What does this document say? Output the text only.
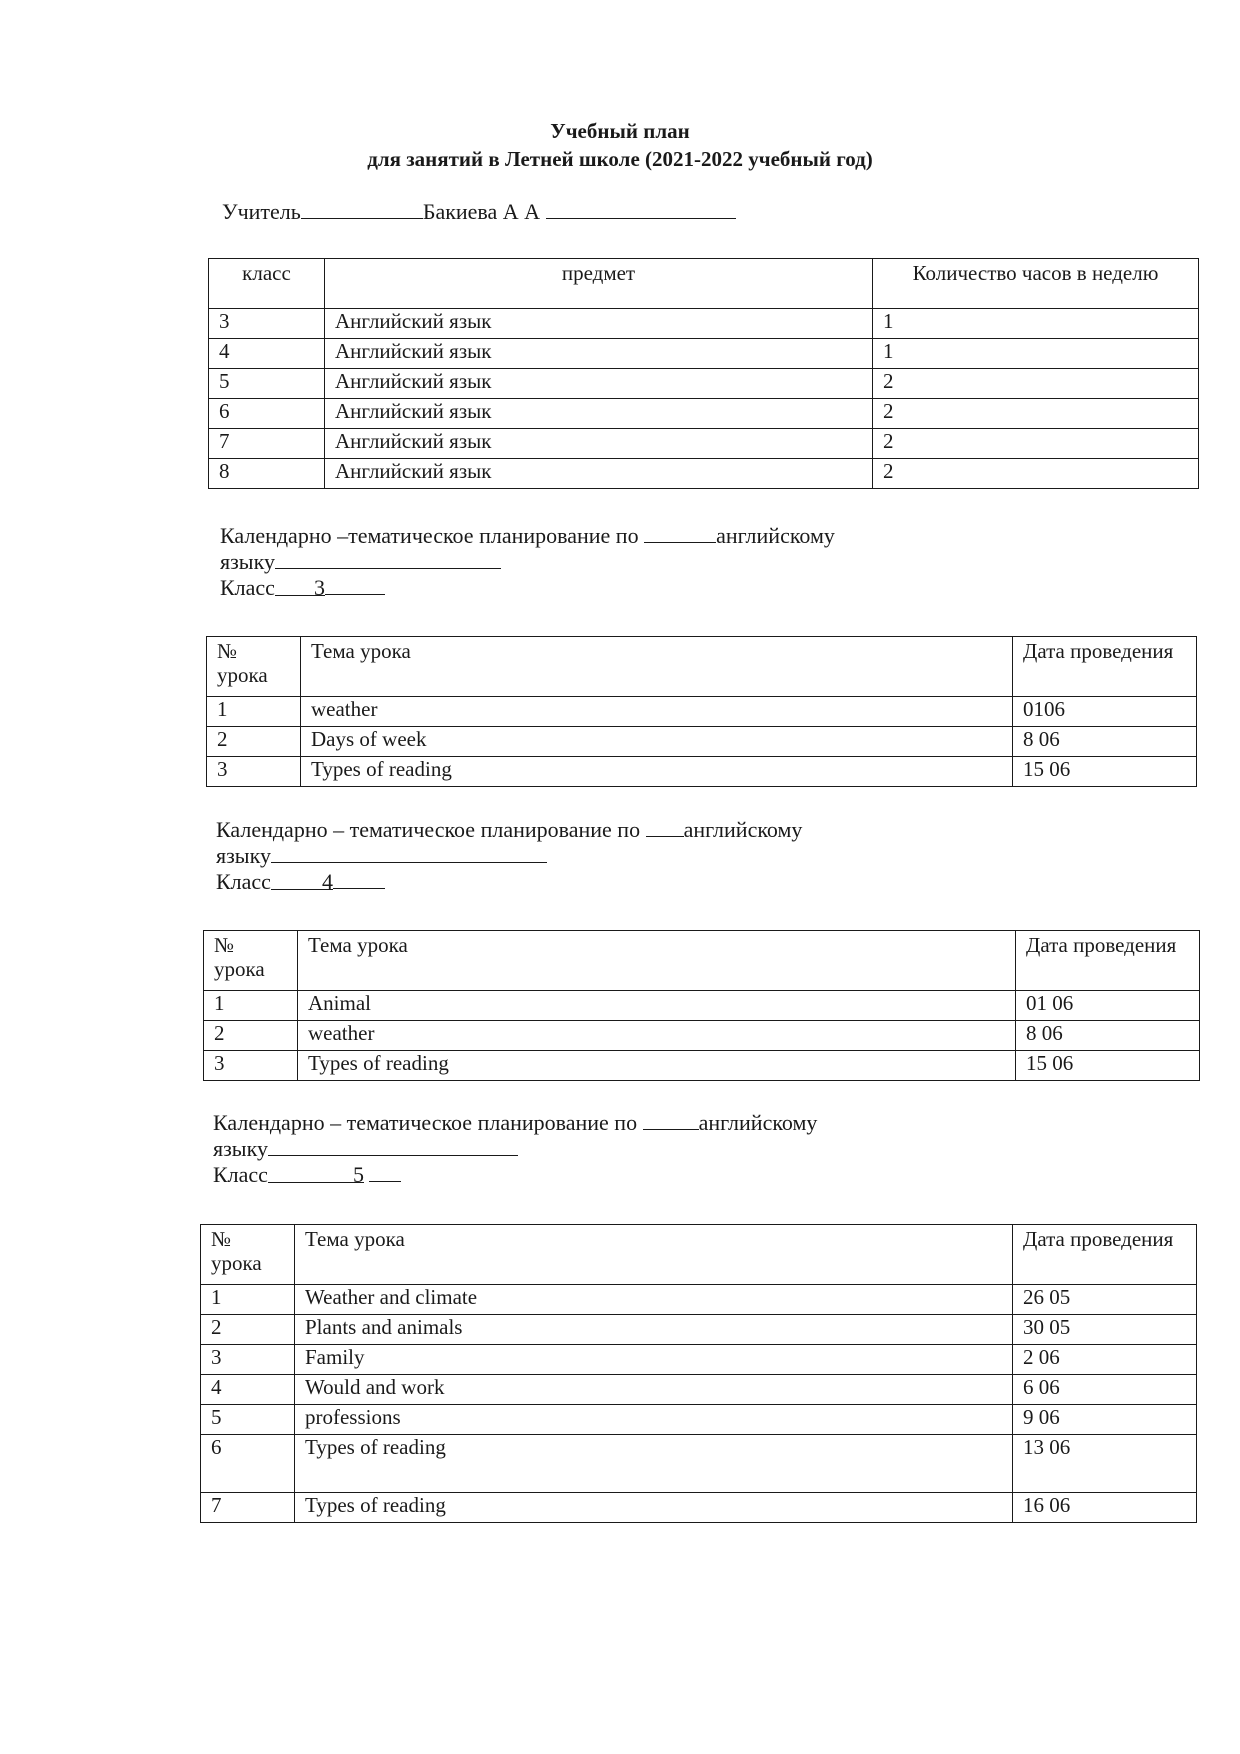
Учебный план
для занятий в Летней школе (2021-2022 учебный год)
Учитель	Бакиева А А
класс	предмет	Количество часов в неделю
3	Английский язык	1
4	Английский язык	1
5	Английский язык	2
6	Английский язык	2
7	Английский язык	2
8	Английский язык	2
Календарно –тематическое планирование по	английскому
языку
Класс 3
№ урока	Тема урока	Дата проведения
1	weather	0106
2	Days of week	8 06
3	Types of reading	15 06
Календарно – тематическое планирование по английскому
языку
Класс 4
№ урока	Тема урока	Дата проведения
1	Animal	01 06
2	weather	8 06
3	Types of reading	15 06
Календарно – тематическое планирование по	английскому
языку
Класс	5
№ урока	Тема урока	Дата проведения
1	Weather and climate	26 05
2	Plants and animals	30 05
3	Family	2 06
4	Would and work	6 06
5	professions	9 06
6	Types of reading	13 06
7	Types of reading	16 06
